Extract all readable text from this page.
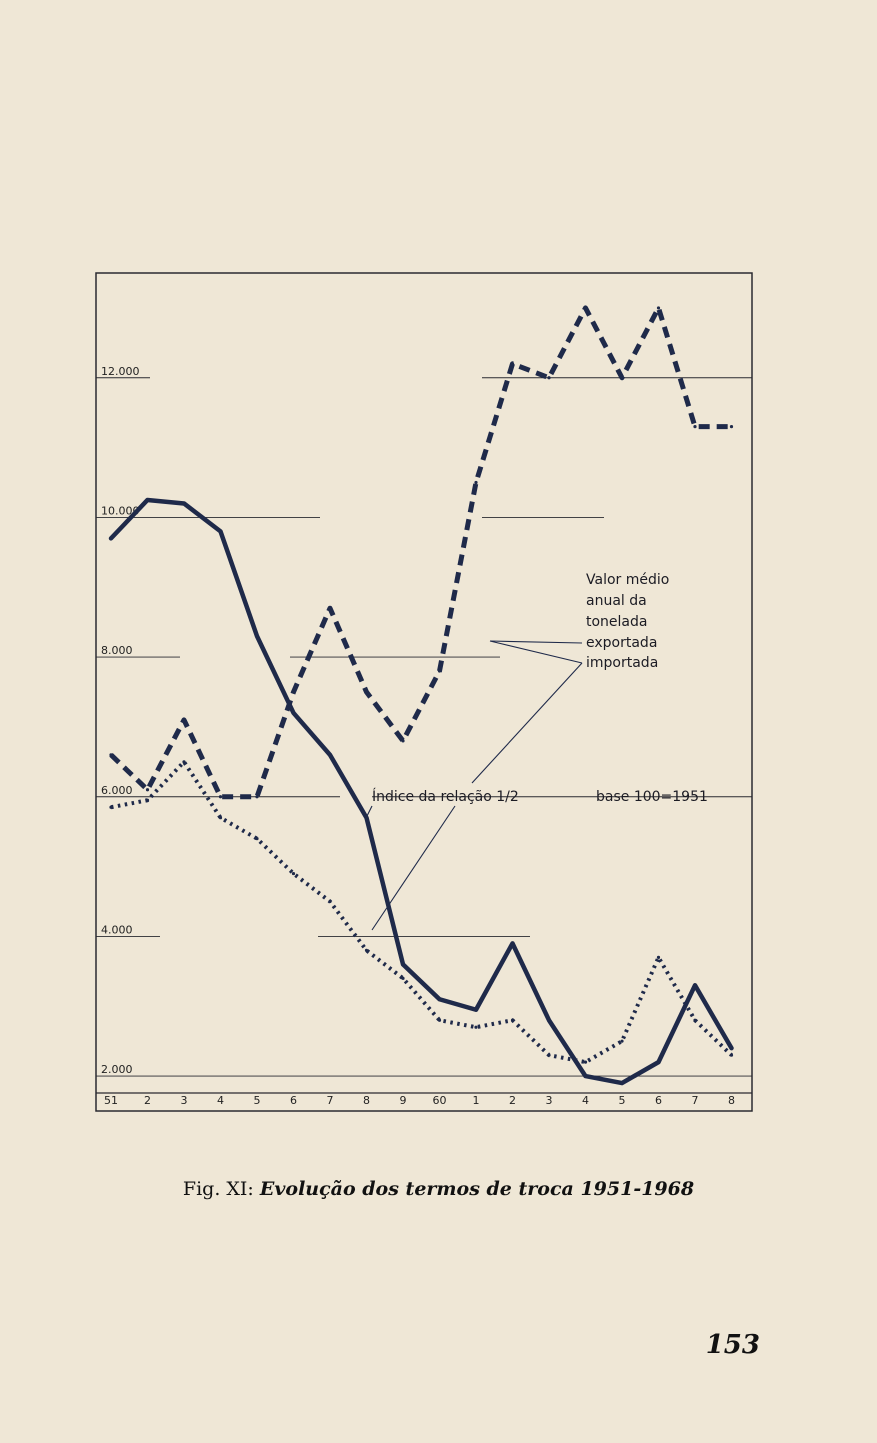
2.000
4.000
6.000
8.000
10.000
12.000
51 2	3	4	5	6	7	8	9 60 1	2	3	4	5	6	7	8
Valor médio
anual da
tonelada
exportada
importada
Índice da relação 1/2	base 100=1951
Fig. XI: Evolução dos termos de troca 1951-1968
153
